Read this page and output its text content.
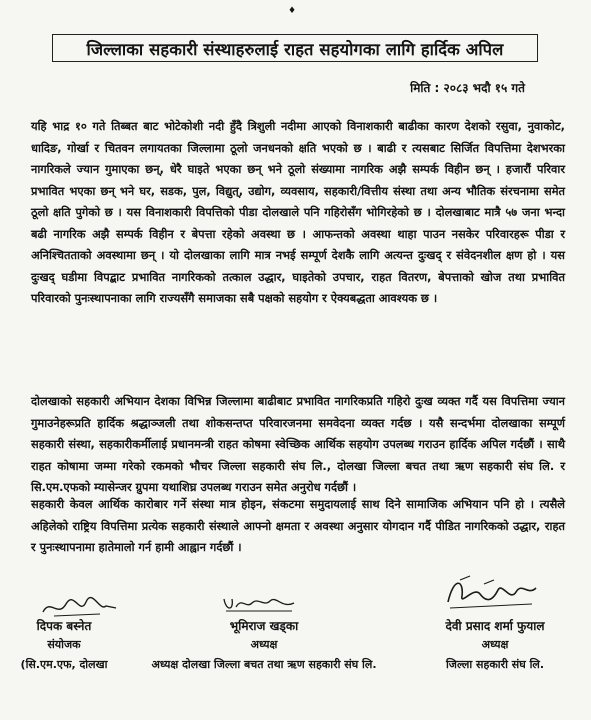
♦
जिल्लाका सहकारी संस्थाहरुलाई राहत सहयोगका लागि हार्दिक अपिल
मिति : २०८३ भदौ १५ गते

यहि भाद्र १० गते तिब्बत बाट भोटेकोशी नदी हुँदै त्रिशुली नदीमा आएको विनाशकारी बाढीका कारण देशको रसुवा, नुवाकोट, धादिङ, गोर्खा र चितवन लगायतका जिल्लामा ठूलो जनधनको क्षति भएको छ । बाढी र त्यसबाट सिर्जित विपत्तिमा देशभरका नागरिकले ज्यान गुमाएका छन्, धेरै घाइते भएका छन् भने ठूलो संख्यामा नागरिक अझै सम्पर्क विहीन छन् । हजारौं परिवार प्रभावित भएका छन् भने घर, सडक, पुल, विद्युत्, उद्योग, व्यवसाय, सहकारी/वित्तीय संस्था तथा अन्य भौतिक संरचनामा समेत ठूलो क्षति पुगेको छ । यस विनाशकारी विपत्तिको पीडा दोलखाले पनि गहिरोसँग भोगिरहेको छ । दोलखाबाट मात्रै ५७ जना भन्दा बढी नागरिक अझै सम्पर्क विहीन र बेपत्ता रहेको अवस्था छ । आफन्तको अवस्था थाहा पाउन नसकेर परिवारहरू पीडा र अनिश्चितताको अवस्थामा छन् । यो दोलखाका लागि मात्र नभई सम्पूर्ण देशकै लागि अत्यन्त दुःखद् र संवेदनशील क्षण हो । यस दुःखद् घडीमा विपद्बाट प्रभावित नागरिकको तत्काल उद्धार, घाइतेको उपचार, राहत वितरण, बेपत्ताको खोज तथा प्रभावित परिवारको पुनःस्थापनाका लागि राज्यसँगै समाजका सबै पक्षको सहयोग र ऐक्यबद्धता आवश्यक छ ।

दोलखाको सहकारी अभियान देशका विभिन्न जिल्लामा बाढीबाट प्रभावित नागरिकप्रति गहिरो दुःख व्यक्त गर्दै यस विपत्तिमा ज्यान गुमाउनेहरूप्रति हार्दिक श्रद्धाञ्जली तथा शोकसन्तप्त परिवारजनमा समवेदना व्यक्त गर्दछ । यसै सन्दर्भमा दोलखाका सम्पूर्ण सहकारी संस्था, सहकारीकर्मीलाई प्रधानमन्त्री राहत कोषमा स्वेच्छिक आर्थिक सहयोग उपलब्ध गराउन हार्दिक अपिल गर्दछौं । साथै राहत कोषामा जम्मा गरेको रकमको भौचर जिल्ला सहकारी संघ लि., दोलखा जिल्ला बचत तथा ऋण सहकारी संघ लि. र सि.एम.एफको म्यासेन्जर ग्रुपमा यथाशिघ्र उपलब्ध गराउन समेत अनुरोध गर्दछौं ।

सहकारी केवल आर्थिक कारोबार गर्ने संस्था मात्र होइन, संकटमा समुदायलाई साथ दिने सामाजिक अभियान पनि हो । त्यसैले अहिलेको राष्ट्रिय विपत्तिमा प्रत्येक सहकारी संस्थाले आफ्नो क्षमता र अवस्था अनुसार योगदान गर्दै पीडित नागरिकको उद्धार, राहत र पुनःस्थापनामा हातेमालो गर्न हामी आह्वान गर्दछौं ।

दिपक बस्नेत
संयोजक
(सि.एम.एफ, दोलखा
भूमिराज खड्का
अध्यक्ष
अध्यक्ष दोलखा जिल्ला बचत तथा ऋण सहकारी संघ लि.
देवी प्रसाद शर्मा फुयाल
अध्यक्ष
जिल्ला सहकारी संघ लि.
